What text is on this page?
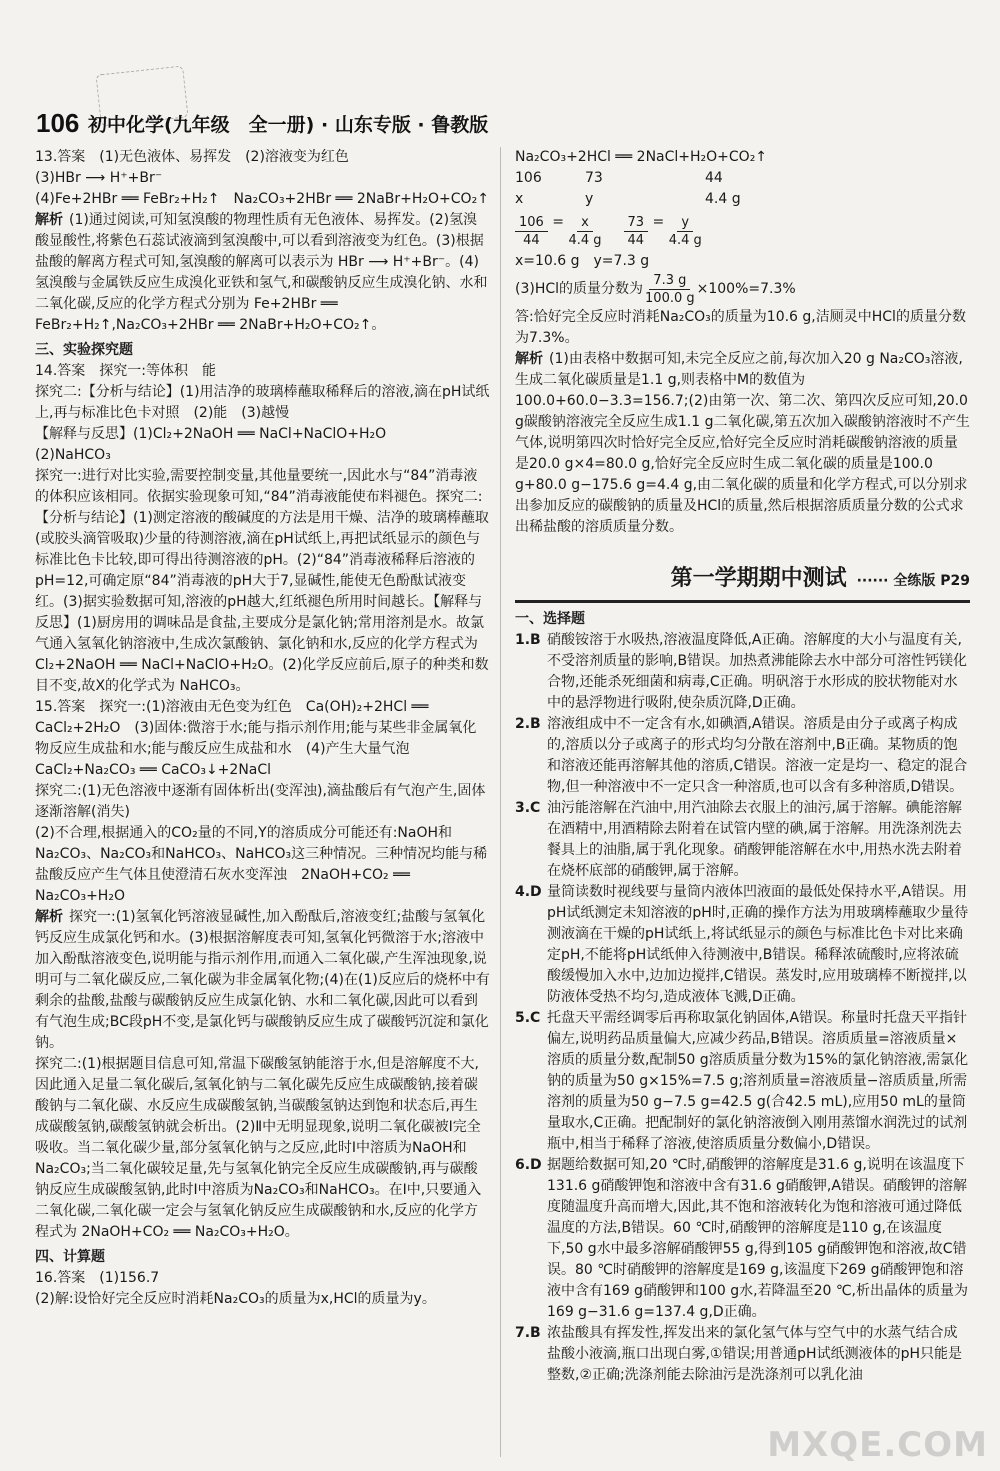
106 初中化学(九年级　全一册) · 山东专版 · 鲁教版

13.答案　(1)无色液体、易挥发　(2)溶液变为红色

(3)HBr ⟶ H⁺+Br⁻

(4)Fe+2HBr ══ FeBr₂+H₂↑　Na₂CO₃+2HBr ══ 2NaBr+H₂O+CO₂↑

解析 (1)通过阅读,可知氢溴酸的物理性质有无色液体、易挥发。(2)氢溴酸显酸性,将紫色石蕊试液滴到氢溴酸中,可以看到溶液变为红色。(3)根据盐酸的解离方程式可知,氢溴酸的解离可以表示为 HBr ⟶ H⁺+Br⁻。(4)氢溴酸与金属铁反应生成溴化亚铁和氢气,和碳酸钠反应生成溴化钠、水和二氧化碳,反应的化学方程式分别为 Fe+2HBr ══ FeBr₂+H₂↑,Na₂CO₃+2HBr ══ 2NaBr+H₂O+CO₂↑。

三、实验探究题

14.答案　探究一:等体积　能

探究二:【分析与结论】(1)用洁净的玻璃棒蘸取稀释后的溶液,滴在pH试纸上,再与标准比色卡对照　(2)能　(3)越慢

【解释与反思】(1)Cl₂+2NaOH ══ NaCl+NaClO+H₂O

(2)NaHCO₃

探究一:进行对比实验,需要控制变量,其他量要统一,因此水与“84”消毒液的体积应该相同。依据实验现象可知,“84”消毒液能使布料褪色。探究二:【分析与结论】(1)测定溶液的酸碱度的方法是用干燥、洁净的玻璃棒蘸取(或胶头滴管吸取)少量的待测溶液,滴在pH试纸上,再把试纸显示的颜色与标准比色卡比较,即可得出待测溶液的pH。(2)“84”消毒液稀释后溶液的pH=12,可确定原“84”消毒液的pH大于7,显碱性,能使无色酚酞试液变红。(3)据实验数据可知,溶液的pH越大,红纸褪色所用时间越长。【解释与反思】(1)厨房用的调味品是食盐,主要成分是氯化钠;常用溶剂是水。故氯气通入氢氧化钠溶液中,生成次氯酸钠、氯化钠和水,反应的化学方程式为 Cl₂+2NaOH ══ NaCl+NaClO+H₂O。(2)化学反应前后,原子的种类和数目不变,故X的化学式为 NaHCO₃。

15.答案　探究一:(1)溶液由无色变为红色　Ca(OH)₂+2HCl ══ CaCl₂+2H₂O　(3)固体:微溶于水;能与指示剂作用;能与某些非金属氧化物反应生成盐和水;能与酸反应生成盐和水　(4)产生大量气泡　CaCl₂+Na₂CO₃ ══ CaCO₃↓+2NaCl

探究二:(1)无色溶液中逐渐有固体析出(变浑浊),滴盐酸后有气泡产生,固体逐渐溶解(消失)

(2)不合理,根据通入的CO₂量的不同,Y的溶质成分可能还有:NaOH和Na₂CO₃、Na₂CO₃和NaHCO₃、NaHCO₃这三种情况。三种情况均能与稀盐酸反应产生气体且使澄清石灰水变浑浊　2NaOH+CO₂ ══ Na₂CO₃+H₂O

解析 探究一:(1)氢氧化钙溶液显碱性,加入酚酞后,溶液变红;盐酸与氢氧化钙反应生成氯化钙和水。(3)根据溶解度表可知,氢氧化钙微溶于水;溶液中加入酚酞溶液变色,说明能与指示剂作用,而通入二氧化碳,产生浑浊现象,说明可与二氧化碳反应,二氧化碳为非金属氧化物;(4)在(1)反应后的烧杯中有剩余的盐酸,盐酸与碳酸钠反应生成氯化钠、水和二氧化碳,因此可以看到有气泡生成;BC段pH不变,是氯化钙与碳酸钠反应生成了碳酸钙沉淀和氯化钠。

探究二:(1)根据题目信息可知,常温下碳酸氢钠能溶于水,但是溶解度不大,因此通入足量二氧化碳后,氢氧化钠与二氧化碳先反应生成碳酸钠,接着碳酸钠与二氧化碳、水反应生成碳酸氢钠,当碳酸氢钠达到饱和状态后,再生成碳酸氢钠,碳酸氢钠就会析出。(2)Ⅱ中无明显现象,说明二氧化碳被Ⅰ完全吸收。当二氧化碳少量,部分氢氧化钠与之反应,此时Ⅰ中溶质为NaOH和Na₂CO₃;当二氧化碳较足量,先与氢氧化钠完全反应生成碳酸钠,再与碳酸钠反应生成碳酸氢钠,此时Ⅰ中溶质为Na₂CO₃和NaHCO₃。在Ⅰ中,只要通入二氧化碳,二氧化碳一定会与氢氧化钠反应生成碳酸钠和水,反应的化学方程式为 2NaOH+CO₂ ══ Na₂CO₃+H₂O。

四、计算题

16.答案　(1)156.7

(2)解:设恰好完全反应时消耗Na₂CO₃的质量为x,HCl的质量为y。

Na₂CO₃+2HCl ══ 2NaCl+H₂O+CO₂↑

106	73	44
x	y	4.4 g
$\frac{106}{44} = \frac{x}{4.4 g} \frac{73}{44} = \frac{y}{4.4 g}$

x=10.6 g　y=7.3 g

(3)HCl的质量分数为 $\frac{7.3 g}{100.0 g} \times 100\%=7.3\%$

答:恰好完全反应时消耗Na₂CO₃的质量为10.6 g,洁厕灵中HCl的质量分数为7.3%。

解析 (1)由表格中数据可知,未完全反应之前,每次加入20 g Na₂CO₃溶液,生成二氧化碳质量是1.1 g,则表格中M的数值为100.0+60.0−3.3=156.7;(2)由第一次、第二次、第四次反应可知,20.0 g碳酸钠溶液完全反应生成1.1 g二氧化碳,第五次加入碳酸钠溶液时不产生气体,说明第四次时恰好完全反应,恰好完全反应时消耗碳酸钠溶液的质量是20.0 g×4=80.0 g,恰好完全反应时生成二氧化碳的质量是100.0 g+80.0 g−175.6 g=4.4 g,由二氧化碳的质量和化学方程式,可以分别求出参加反应的碳酸钠的质量及HCl的质量,然后根据溶质质量分数的公式求出稀盐酸的溶质质量分数。

第一学期期中测试 ······ 全练版 P29

一、选择题

1.B 硝酸铵溶于水吸热,溶液温度降低,A正确。溶解度的大小与温度有关,不受溶剂质量的影响,B错误。加热煮沸能除去水中部分可溶性钙镁化合物,还能杀死细菌和病毒,C正确。明矾溶于水形成的胶状物能对水中的悬浮物进行吸附,使杂质沉降,D正确。
2.B 溶液组成中不一定含有水,如碘酒,A错误。溶质是由分子或离子构成的,溶质以分子或离子的形式均匀分散在溶剂中,B正确。某物质的饱和溶液还能再溶解其他的溶质,C错误。溶液一定是均一、稳定的混合物,但一种溶液中不一定只含一种溶质,也可以含有多种溶质,D错误。
3.C 油污能溶解在汽油中,用汽油除去衣服上的油污,属于溶解。碘能溶解在酒精中,用酒精除去附着在试管内壁的碘,属于溶解。用洗涤剂洗去餐具上的油脂,属于乳化现象。硝酸钾能溶解在水中,用热水洗去附着在烧杯底部的硝酸钾,属于溶解。
4.D 量筒读数时视线要与量筒内液体凹液面的最低处保持水平,A错误。用pH试纸测定未知溶液的pH时,正确的操作方法为用玻璃棒蘸取少量待测液滴在干燥的pH试纸上,将试纸显示的颜色与标准比色卡对比来确定pH,不能将pH试纸伸入待测液中,B错误。稀释浓硫酸时,应将浓硫酸缓慢加入水中,边加边搅拌,C错误。蒸发时,应用玻璃棒不断搅拌,以防液体受热不均匀,造成液体飞溅,D正确。
5.C 托盘天平需经调零后再称取氯化钠固体,A错误。称量时托盘天平指针偏左,说明药品质量偏大,应减少药品,B错误。溶质质量=溶液质量×溶质的质量分数,配制50 g溶质质量分数为15%的氯化钠溶液,需氯化钠的质量为50 g×15%=7.5 g;溶剂质量=溶液质量−溶质质量,所需溶剂的质量为50 g−7.5 g=42.5 g(合42.5 mL),应用50 mL的量筒量取水,C正确。把配制好的氯化钠溶液倒入刚用蒸馏水润洗过的试剂瓶中,相当于稀释了溶液,使溶质质量分数偏小,D错误。
6.D 据题给数据可知,20 ℃时,硝酸钾的溶解度是31.6 g,说明在该温度下131.6 g硝酸钾饱和溶液中含有31.6 g硝酸钾,A错误。硝酸钾的溶解度随温度升高而增大,因此,其不饱和溶液转化为饱和溶液可通过降低温度的方法,B错误。60 ℃时,硝酸钾的溶解度是110 g,在该温度下,50 g水中最多溶解硝酸钾55 g,得到105 g硝酸钾饱和溶液,故C错误。80 ℃时硝酸钾的溶解度是169 g,该温度下269 g硝酸钾饱和溶液中含有169 g硝酸钾和100 g水,若降温至20 ℃,析出晶体的质量为169 g−31.6 g=137.4 g,D正确。
7.B 浓盐酸具有挥发性,挥发出来的氯化氢气体与空气中的水蒸气结合成盐酸小液滴,瓶口出现白雾,①错误;用普通pH试纸测液体的pH只能是整数,②正确;洗涤剂能去除油污是洗涤剂可以乳化油
MXQE.COM
